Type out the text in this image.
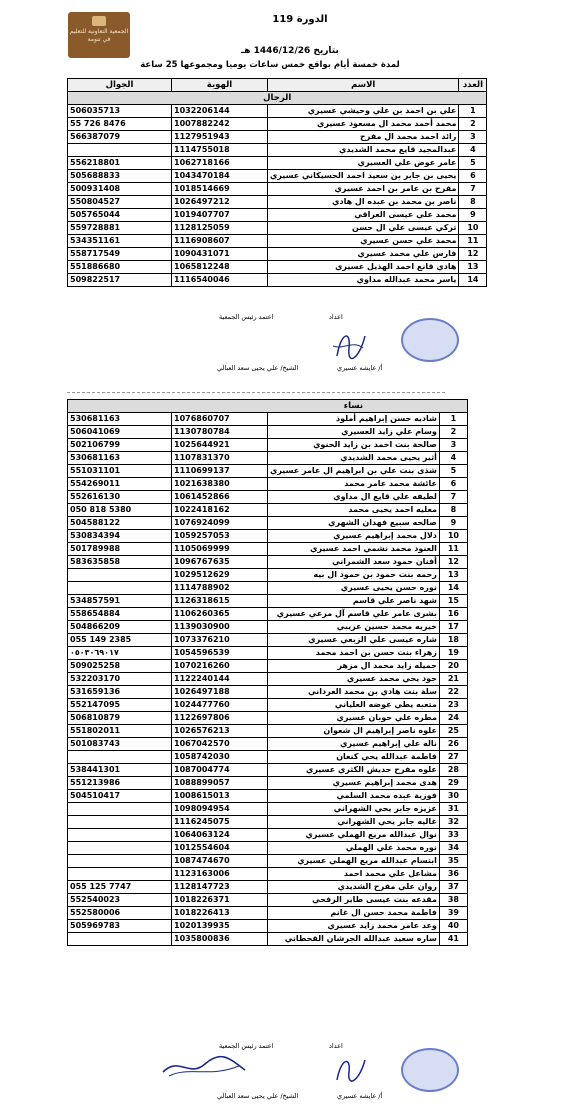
الجمعية التعاونية للتعليم في تنومة
الدورة 119
بتاريخ 1446/12/26 هـ
لمدة خمسة أيام بواقع خمس ساعات يوميا ومجموعها 25 ساعة
الجوال	الهوية	الاسم	العدد
الرجال			
506035713	1032206144	علي بن احمد بن علي وحيشي عسيري	1
55 726 8476	1007882242	محمد أحمد محمد ال مسعود عسيري	2
566387079	1127951943	رائد احمد محمد ال مفرح	3
	1114755018	عبدالمجيد قايع محمد الشديدي	4
556218801	1062718166	عامر عوض علي العسيري	5
505688833	1043470184	يحيى بن جابر بن سعيد احمد الحسيكاني عسيري	6
500931408	1018514669	مفرح بن عامر بن احمد عسيري	7
550804527	1026497212	ناصر بن محمد بن عبده ال هادي	8
505765044	1019407707	محمد علي عيسى العراقي	9
559728881	1128125059	تركي عيسى علي ال حسن	10
534351161	1116908607	محمد علي حسن عسيري	11
558717549	1090431071	فارس علي محمد عسيري	12
551886680	1065812248	هادي قانع احمد الهذيل عسيري	13
509822517	1116540046	ياسر محمد عبدالله مداوي	14
اعتمد رئيس الجمعية	اعداد
الشيخ/ علي يحيى سعد العبالي	أ/ عايشه عسيري
		نساء	
530681163	1076860707	شاديه حسن إبراهيم أملوذ	1
506041069	1130780784	وسام علي زايد العسيري	2
502106799	1025644921	صالحة بنت احمد بن زايد الحنوي	3
530681163	1107831370	أثير يحيى محمد الشديدي	4
551031101	1110699137	شذى بنت علي بن ابراهيم ال عامر عسيري	5
554269011	1021638380	عائشة محمد عامر محمد	6
552616130	1061452866	لطيفه علي قايع ال مداوي	7
050 818 5380	1022418162	معليه احمد يحيى محمد	8
504588122	1076924099	صالحه سبيع فهدان الشهري	9
530834394	1059257053	دلال محمد إبراهيم عسيري	10
501789988	1105069999	العنود محمد نشمي احمد عسيري	11
583635858	1096767635	أفنان حمود سعد الشمراني	12
	1029512629	رحمه بنت حمود بن حمود ال بيه	13
	1114788902	نوره حسن يحيى عسيري	14
534857591	1126318615	شهد ناصر علي قاسم	15
558654884	1106260365	بشرى عامر علي قاسم آل مرعي عسيري	16
504866209	1139030900	خيريه محمد حسين عريبي	17
055 149 2385	1073376210	شاره عيسى علي الزبعي عسيري	18
٠٥٠٣٠٦٩٠١٧	1054596539	زهراء بنت حسن بن احمد محمد	19
509025258	1070216260	جميله زايد محمد ال مزهر	20
532203170	1122240144	جود يحي محمد عسيري	21
531659136	1026497188	سلة بنت هادي بن محمد العرداني	22
552147095	1024477760	متعبه يطي عوضه العلياني	23
506810879	1122697806	مطره علي حوبان عسيري	24
551802011	1026576213	علوه ناصر إبراهيم ال شعوان	25
501083743	1067042570	ناله علي إبراهيم عسيري	26
	1058742030	فاطمة عبدالله يحي كنعان	27
538441301	1087004774	علوه مفرح حديش الكثري عسيري	28
551213986	1088899057	هدى محمد إبراهيم عسيري	29
504510417	1008615013	فوزية عبده محمد السلمي	30
	1098094954	عزيزه جابر يحي الشهراني	31
	1116245075	غاليه جابر يحي الشهراني	32
	1064063124	نوال عبدالله مريع الهملي عسيري	33
	1012554604	نوره محمد علي الهملي	34
	1087474670	ابتسام عبدالله مريع الهملي عسيري	35
	1123163006	مشاعل علي محمد احمد	36
055 125 7747	1128147723	روان علي مفرح الشديدي	37
552540023	1018226371	مقدعه بنت عيسى طاير الرفحي	38
552580006	1018226413	فاطمة محمد حسن ال غانم	39
505969783	1020139935	وعد عامر محمد زايد عسيري	40
	1035800836	ساره سعيد عبدالله الجرشان القحطاني	41
اعتمد رئيس الجمعية	اعداد
الشيخ/ علي يحيى سعد العبالي	أ/ عايشه عسيري
